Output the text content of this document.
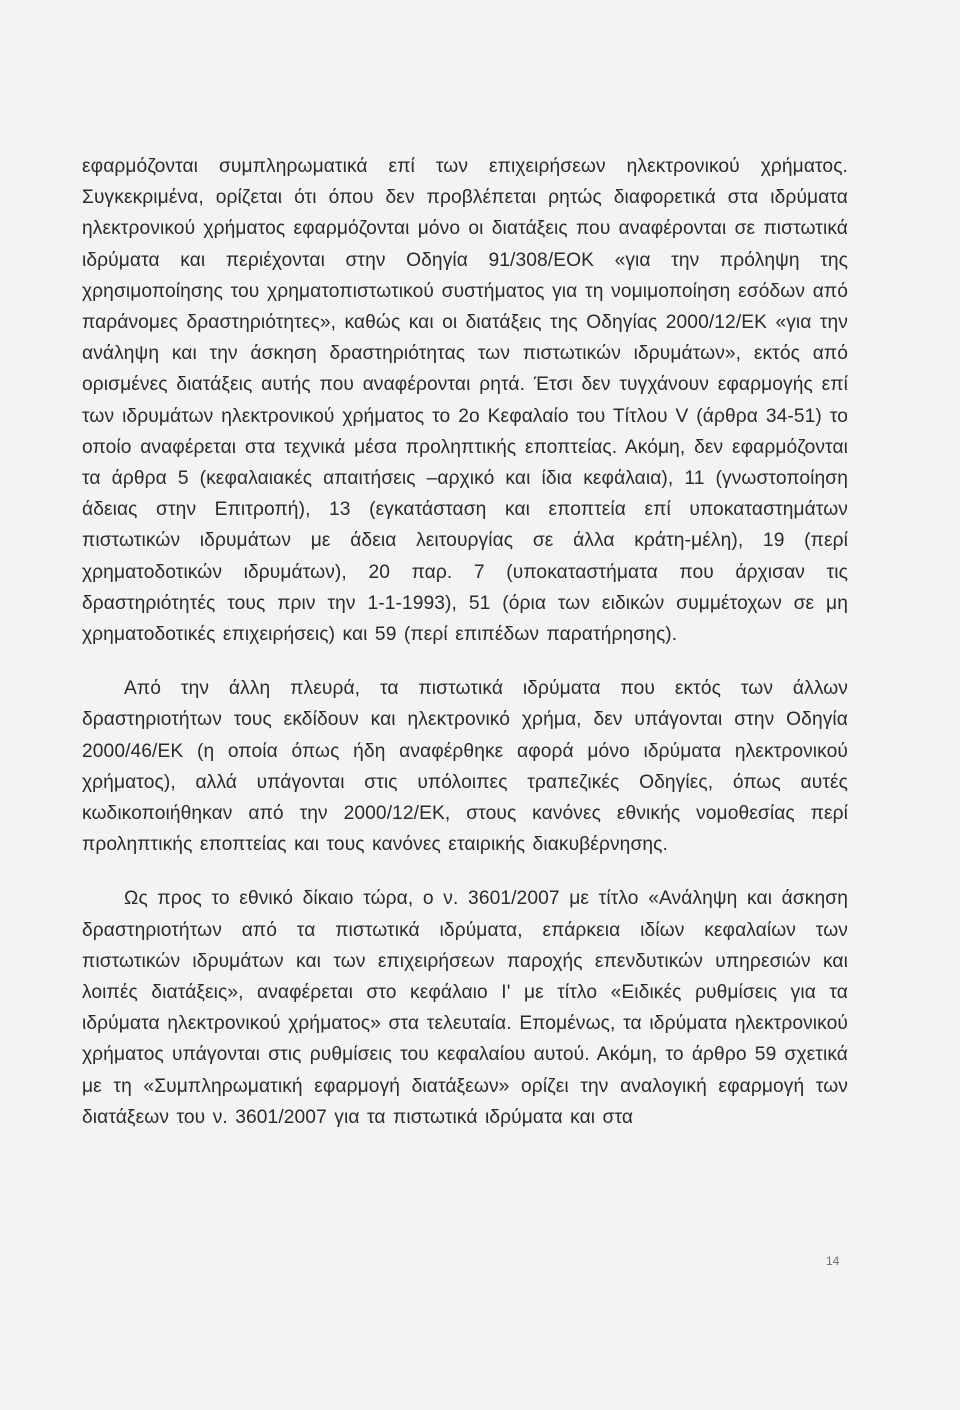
εφαρμόζονται συμπληρωματικά επί των επιχειρήσεων ηλεκτρονικού χρήματος. Συγκεκριμένα, ορίζεται ότι όπου δεν προβλέπεται ρητώς διαφορετικά στα ιδρύματα ηλεκτρονικού χρήματος εφαρμόζονται μόνο οι διατάξεις που αναφέρονται σε πιστωτικά ιδρύματα και περιέχονται στην Οδηγία 91/308/ΕΟΚ «για την πρόληψη της χρησιμοποίησης του χρηματοπιστωτικού συστήματος για τη νομιμοποίηση εσόδων από παράνομες δραστηριότητες», καθώς και οι διατάξεις της Οδηγίας 2000/12/ΕΚ «για την ανάληψη και την άσκηση δραστηριότητας των πιστωτικών ιδρυμάτων», εκτός από ορισμένες διατάξεις αυτής που αναφέρονται ρητά. Έτσι δεν τυγχάνουν εφαρμογής επί των ιδρυμάτων ηλεκτρονικού χρήματος το 2ο Κεφαλαίο του Τίτλου V (άρθρα 34-51) το οποίο αναφέρεται στα τεχνικά μέσα προληπτικής εποπτείας. Ακόμη, δεν εφαρμόζονται τα άρθρα 5 (κεφαλαιακές απαιτήσεις –αρχικό και ίδια κεφάλαια), 11 (γνωστοποίηση άδειας στην Επιτροπή), 13 (εγκατάσταση και εποπτεία επί υποκαταστημάτων πιστωτικών ιδρυμάτων με άδεια λειτουργίας σε άλλα κράτη-μέλη), 19 (περί χρηματοδοτικών ιδρυμάτων), 20 παρ. 7 (υποκαταστήματα που άρχισαν τις δραστηριότητές τους πριν την 1-1-1993), 51 (όρια των ειδικών συμμέτοχων σε μη χρηματοδοτικές επιχειρήσεις) και 59 (περί επιπέδων παρατήρησης).

Από την άλλη πλευρά, τα πιστωτικά ιδρύματα που εκτός των άλλων δραστηριοτήτων τους εκδίδουν και ηλεκτρονικό χρήμα, δεν υπάγονται στην Οδηγία 2000/46/ΕΚ (η οποία όπως ήδη αναφέρθηκε αφορά μόνο ιδρύματα ηλεκτρονικού χρήματος), αλλά υπάγονται στις υπόλοιπες τραπεζικές Οδηγίες, όπως αυτές κωδικοποιήθηκαν από την 2000/12/ΕΚ, στους κανόνες εθνικής νομοθεσίας περί προληπτικής εποπτείας και τους κανόνες εταιρικής διακυβέρνησης.

Ως προς το εθνικό δίκαιο τώρα, ο ν. 3601/2007 με τίτλο «Ανάληψη και άσκηση δραστηριοτήτων από τα πιστωτικά ιδρύματα, επάρκεια ιδίων κεφαλαίων των πιστωτικών ιδρυμάτων και των επιχειρήσεων παροχής επενδυτικών υπηρεσιών και λοιπές διατάξεις», αναφέρεται στο κεφάλαιο Ι' με τίτλο «Ειδικές ρυθμίσεις για τα ιδρύματα ηλεκτρονικού χρήματος» στα τελευταία. Επομένως, τα ιδρύματα ηλεκτρονικού χρήματος υπάγονται στις ρυθμίσεις του κεφαλαίου αυτού. Ακόμη, το άρθρο 59 σχετικά με τη «Συμπληρωματική εφαρμογή διατάξεων» ορίζει την αναλογική εφαρμογή των διατάξεων του ν. 3601/2007 για τα πιστωτικά ιδρύματα και στα

14
